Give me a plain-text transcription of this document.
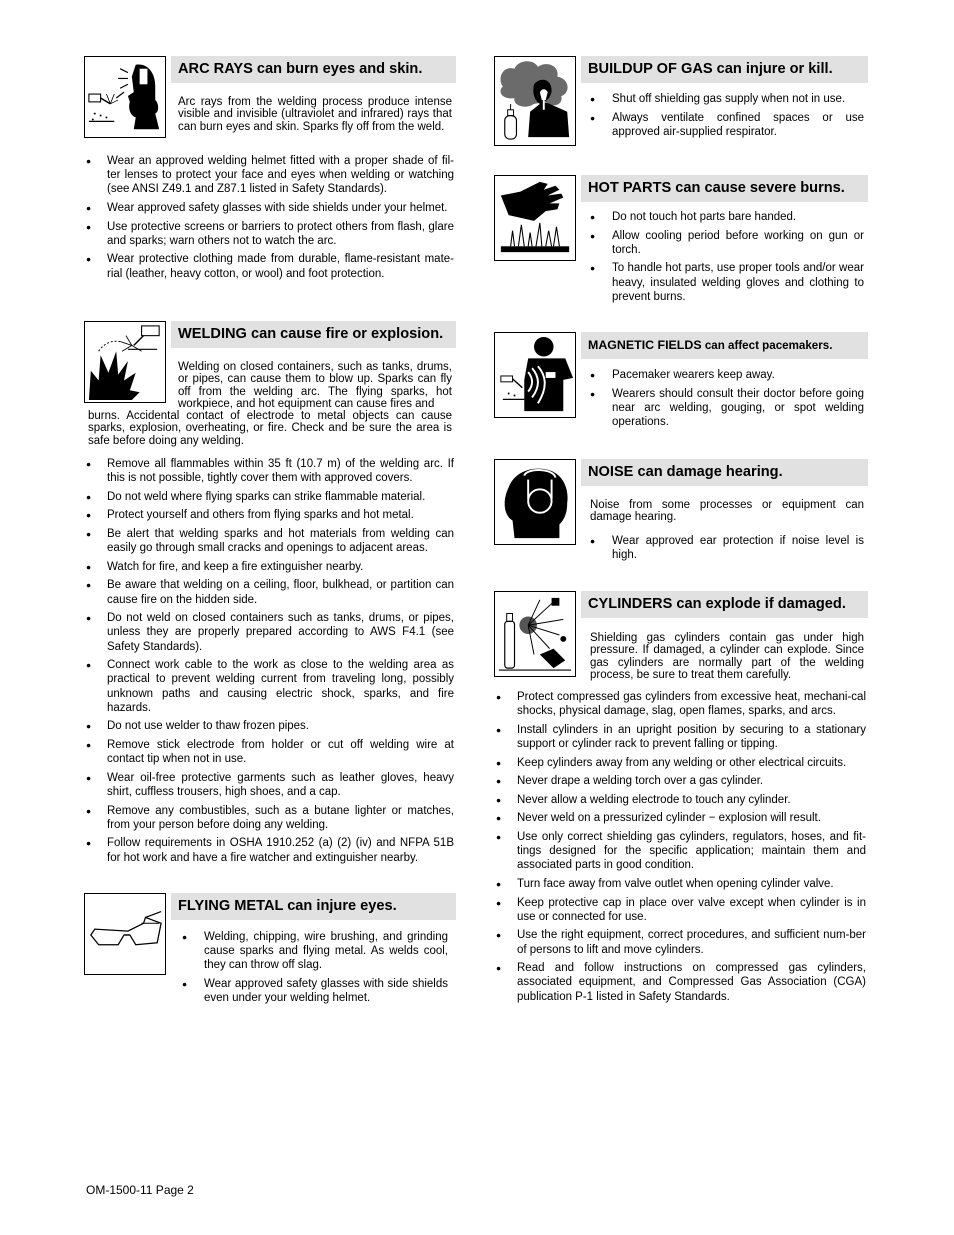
ARC RAYS can burn eyes and skin.
Arc rays from the welding process produce intense visible and invisible (ultraviolet and infrared) rays that can burn eyes and skin. Sparks fly off from the weld.
● Wear an approved welding helmet fitted with a proper shade of fil-ter lenses to protect your face and eyes when welding or watching (see ANSI Z49.1 and Z87.1 listed in Safety Standards).
● Wear approved safety glasses with side shields under your helmet.
● Use protective screens or barriers to protect others from flash, glare and sparks; warn others not to watch the arc.
● Wear protective clothing made from durable, flame-resistant mate-rial (leather, heavy cotton, or wool) and foot protection.
WELDING can cause fire or explosion.
Welding on closed containers, such as tanks, drums, or pipes, can cause them to blow up. Sparks can fly off from the welding arc. The flying sparks, hot workpiece, and hot equipment can cause fires and
burns. Accidental contact of electrode to metal objects can cause sparks, explosion, overheating, or fire. Check and be sure the area is safe before doing any welding.
● Remove all flammables within 35 ft (10.7 m) of the welding arc. If this is not possible, tightly cover them with approved covers.
● Do not weld where flying sparks can strike flammable material.
● Protect yourself and others from flying sparks and hot metal.
● Be alert that welding sparks and hot materials from welding can easily go through small cracks and openings to adjacent areas.
● Watch for fire, and keep a fire extinguisher nearby.
● Be aware that welding on a ceiling, floor, bulkhead, or partition can cause fire on the hidden side.
● Do not weld on closed containers such as tanks, drums, or pipes, unless they are properly prepared according to AWS F4.1 (see Safety Standards).
● Connect work cable to the work as close to the welding area as practical to prevent welding current from traveling long, possibly unknown paths and causing electric shock, sparks, and fire hazards.
● Do not use welder to thaw frozen pipes.
● Remove stick electrode from holder or cut off welding wire at contact tip when not in use.
● Wear oil-free protective garments such as leather gloves, heavy shirt, cuffless trousers, high shoes, and a cap.
● Remove any combustibles, such as a butane lighter or matches, from your person before doing any welding.
● Follow requirements in OSHA 1910.252 (a) (2) (iv) and NFPA 51B for hot work and have a fire watcher and extinguisher nearby.
FLYING METAL can injure eyes.
● Welding, chipping, wire brushing, and grinding cause sparks and flying metal. As welds cool, they can throw off slag.
● Wear approved safety glasses with side shields even under your welding helmet.
BUILDUP OF GAS can injure or kill.
● Shut off shielding gas supply when not in use.
● Always ventilate confined spaces or use approved air-supplied respirator.
HOT PARTS can cause severe burns.
● Do not touch hot parts bare handed.
● Allow cooling period before working on gun or torch.
● To handle hot parts, use proper tools and/or wear heavy, insulated welding gloves and clothing to prevent burns.
MAGNETIC FIELDS can affect pacemakers.
● Pacemaker wearers keep away.
● Wearers should consult their doctor before going near arc welding, gouging, or spot welding operations.
NOISE can damage hearing.
Noise from some processes or equipment can damage hearing.
● Wear approved ear protection if noise level is high.
CYLINDERS can explode if damaged.
Shielding gas cylinders contain gas under high pressure. If damaged, a cylinder can explode. Since gas cylinders are normally part of the welding process, be sure to treat them carefully.
● Protect compressed gas cylinders from excessive heat, mechani-cal shocks, physical damage, slag, open flames, sparks, and arcs.
● Install cylinders in an upright position by securing to a stationary support or cylinder rack to prevent falling or tipping.
● Keep cylinders away from any welding or other electrical circuits.
● Never drape a welding torch over a gas cylinder.
● Never allow a welding electrode to touch any cylinder.
● Never weld on a pressurized cylinder − explosion will result.
● Use only correct shielding gas cylinders, regulators, hoses, and fit-tings designed for the specific application; maintain them and associated parts in good condition.
● Turn face away from valve outlet when opening cylinder valve.
● Keep protective cap in place over valve except when cylinder is in use or connected for use.
● Use the right equipment, correct procedures, and sufficient num-ber of persons to lift and move cylinders.
● Read and follow instructions on compressed gas cylinders, associated equipment, and Compressed Gas Association (CGA) publication P-1 listed in Safety Standards.
OM-1500-11 Page 2
